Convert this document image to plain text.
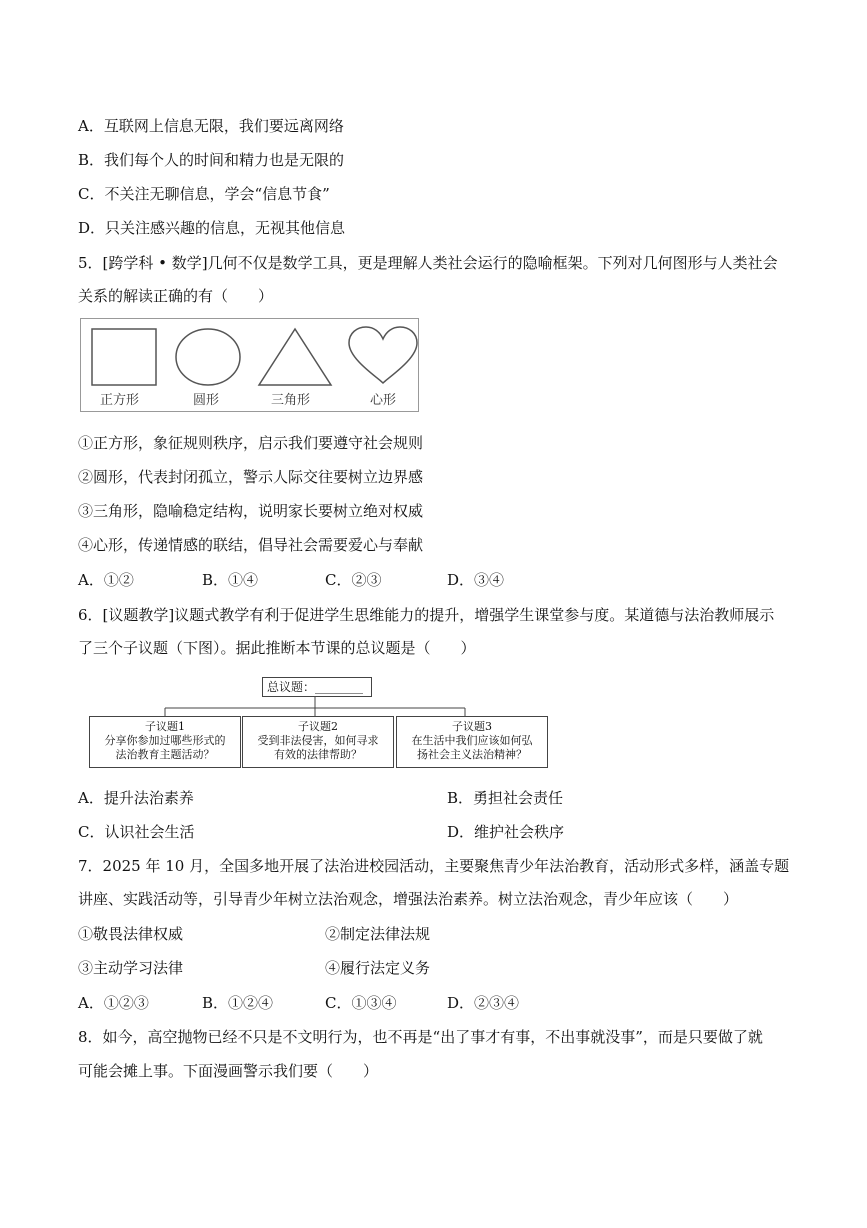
A．互联网上信息无限，我们要远离网络
B．我们每个人的时间和精力也是无限的
C．不关注无聊信息，学会“信息节食”
D．只关注感兴趣的信息，无视其他信息
5．[跨学科 • 数学]几何不仅是数学工具，更是理解人类社会运行的隐喻框架。下列对几何图形与人类社会
关系的解读正确的有（　　）
正方形	圆形	三角形	心形
①正方形，象征规则秩序，启示我们要遵守社会规则
②圆形，代表封闭孤立，警示人际交往要树立边界感
③三角形，隐喻稳定结构，说明家长要树立绝对权威
④心形，传递情感的联结，倡导社会需要爱心与奉献
A．①②	B．①④	C．②③	D．③④
6．[议题教学]议题式教学有利于促进学生思维能力的提升，增强学生课堂参与度。某道德与法治教师展示
了三个子议题（下图）。据此推断本节课的总议题是（　　）
总议题：________
子议题1
分享你参加过哪些形式的
法治教育主题活动？
子议题2
受到非法侵害，如何寻求
有效的法律帮助？
子议题3
在生活中我们应该如何弘
扬社会主义法治精神？
A．提升法治素养	B．勇担社会责任
C．认识社会生活	D．维护社会秩序
7．2025 年 10 月，全国多地开展了法治进校园活动，主要聚焦青少年法治教育，活动形式多样，涵盖专题
讲座、实践活动等，引导青少年树立法治观念，增强法治素养。树立法治观念，青少年应该（　　）
①敬畏法律权威	②制定法律法规
③主动学习法律	④履行法定义务
A．①②③	B．①②④	C．①③④	D．②③④
8．如今，高空抛物已经不只是不文明行为，也不再是“出了事才有事，不出事就没事”，而是只要做了就
可能会摊上事。下面漫画警示我们要（　　）
